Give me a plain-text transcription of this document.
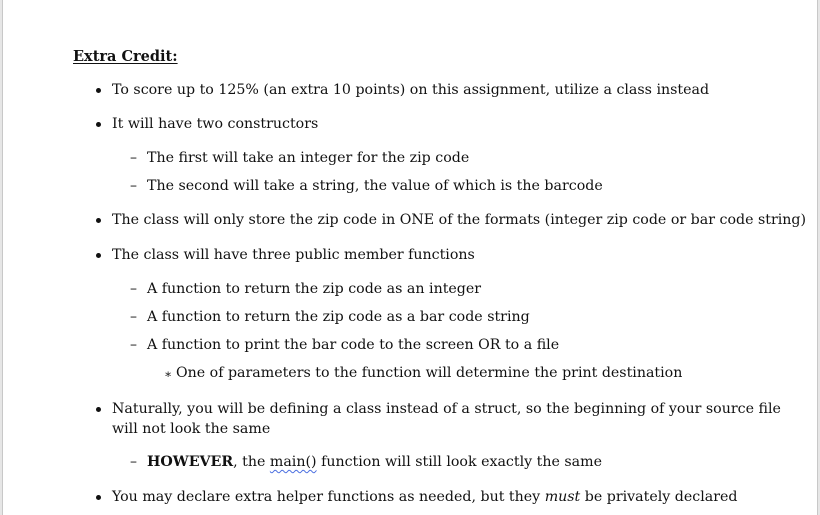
Extra Credit:
To score up to 125% (an extra 10 points) on this assignment, utilize a class instead
It will have two constructors
– The first will take an integer for the zip code
– The second will take a string, the value of which is the barcode
The class will only store the zip code in ONE of the formats (integer zip code or bar code string)
The class will have three public member functions
– A function to return the zip code as an integer
– A function to return the zip code as a bar code string
– A function to print the bar code to the screen OR to a file
∗ One of parameters to the function will determine the print destination
Naturally, you will be defining a class instead of a struct, so the beginning of your source file
will not look the same
– HOWEVER, the main() function will still look exactly the same
You may declare extra helper functions as needed, but they must be privately declared
